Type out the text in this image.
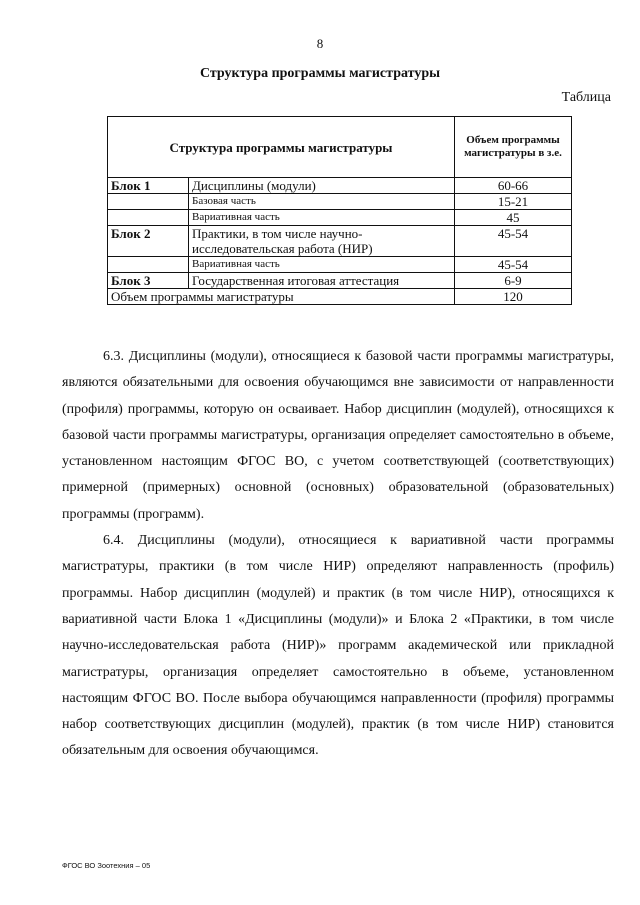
8
Структура программы магистратуры
Таблица
Структура программы магистратуры		Объем программы магистратуры в з.е.
Блок 1	Дисциплины (модули)	60-66
	Базовая часть	15-21
	Вариативная часть	45
Блок 2	Практики, в том числе научно-исследовательская работа (НИР)	45-54
	Вариативная часть	45-54
Блок 3	Государственная итоговая аттестация	6-9
Объем программы магистратуры		120

6.3. Дисциплины (модули), относящиеся к базовой части программы магистратуры, являются обязательными для освоения обучающимся вне зависимости от направленности (профиля) программы, которую он осваивает. Набор дисциплин (модулей), относящихся к базовой части программы магистратуры, организация определяет самостоятельно в объеме, установленном настоящим ФГОС ВО, с учетом соответствующей (соответствующих) примерной (примерных) основной (основных) образовательной (образовательных) программы (программ).

6.4. Дисциплины (модули), относящиеся к вариативной части программы магистратуры, практики (в том числе НИР) определяют направленность (профиль) программы. Набор дисциплин (модулей) и практик (в том числе НИР), относящихся к вариативной части Блока 1 «Дисциплины (модули)» и Блока 2 «Практики, в том числе научно-исследовательская работа (НИР)» программ академической или прикладной магистратуры, организация определяет самостоятельно в объеме, установленном настоящим ФГОС ВО. После выбора обучающимся направленности (профиля) программы набор соответствующих дисциплин (модулей), практик (в том числе НИР) становится обязательным для освоения обучающимся.

ФГОС ВО Зоотехния – 05
